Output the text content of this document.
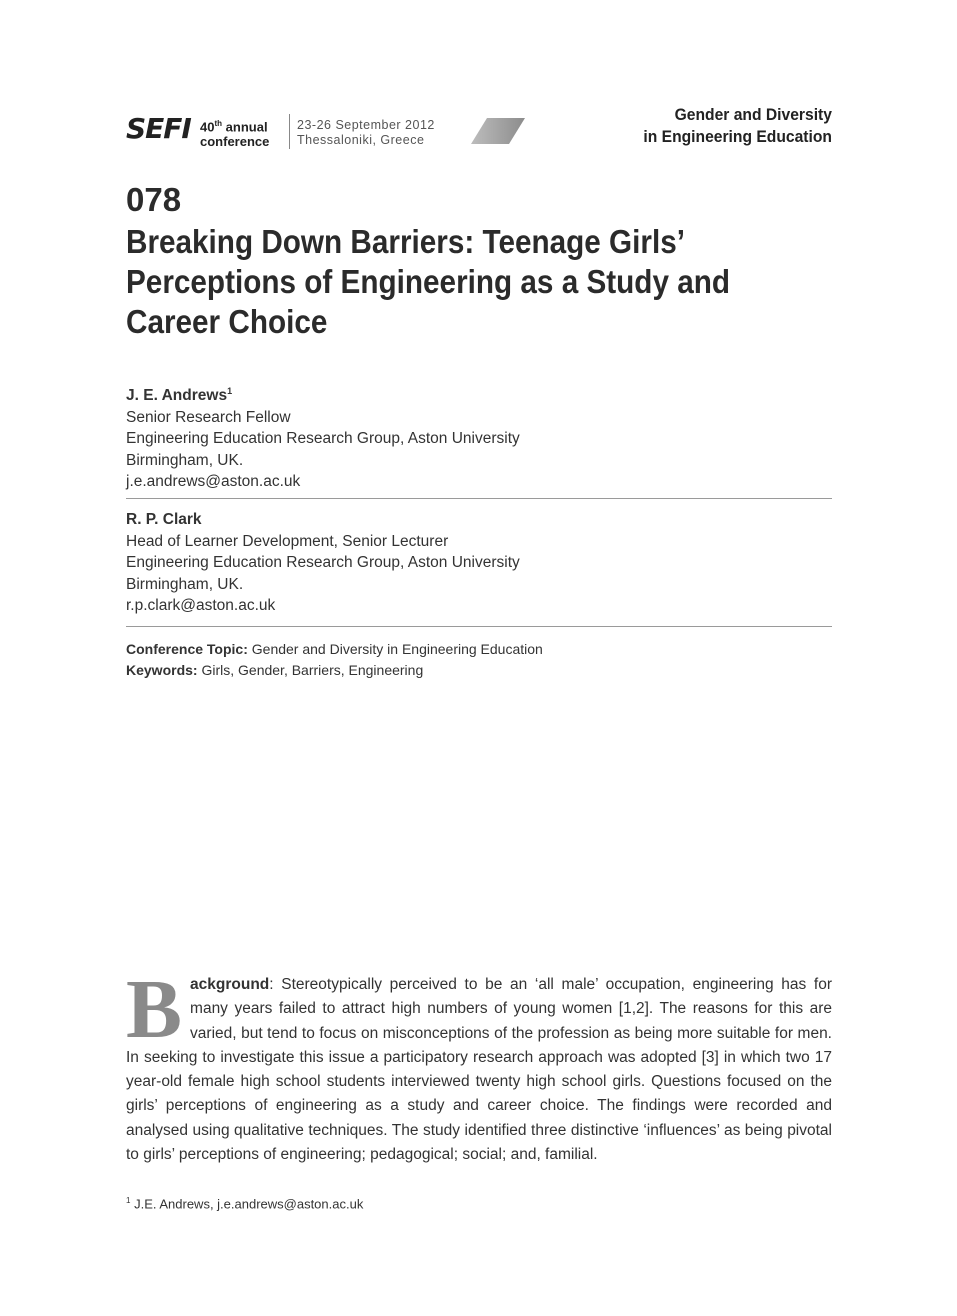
SEFI 40th annual
conference
23-26 September 2012
Thessaloniki, Greece
Gender and Diversity
in Engineering Education
078
Breaking Down Barriers: Teenage Girls’
Perceptions of Engineering as a Study and
Career Choice
J. E. Andrews$^1$
Senior Research Fellow
Engineering Education Research Group, Aston University
Birmingham, UK.
j.e.andrews@aston.ac.uk
R. P. Clark
Head of Learner Development, Senior Lecturer
Engineering Education Research Group, Aston University
Birmingham, UK.
r.p.clark@aston.ac.uk
Conference Topic: Gender and Diversity in Engineering Education
Keywords: Girls, Gender, Barriers, Engineering
Background: Stereotypically perceived to be an ‘all male’ occupation, engineering has for many years failed to attract high numbers of young women [1,2]. The reasons for this are varied, but tend to focus on misconceptions of the profession as being more suitable for men. In seeking to investigate this issue a participatory research approach was adopted [3] in which two 17 year-old female high school students interviewed twenty high school girls. Questions focused on the girls’ perceptions of engineering as a study and career choice. The findings were recorded and analysed using qualitative techniques. The study identified three distinctive ‘influences’ as being pivotal to girls’ perceptions of engineering; pedagogical; social; and, familial.
$^1$ J.E. Andrews, j.e.andrews@aston.ac.uk
